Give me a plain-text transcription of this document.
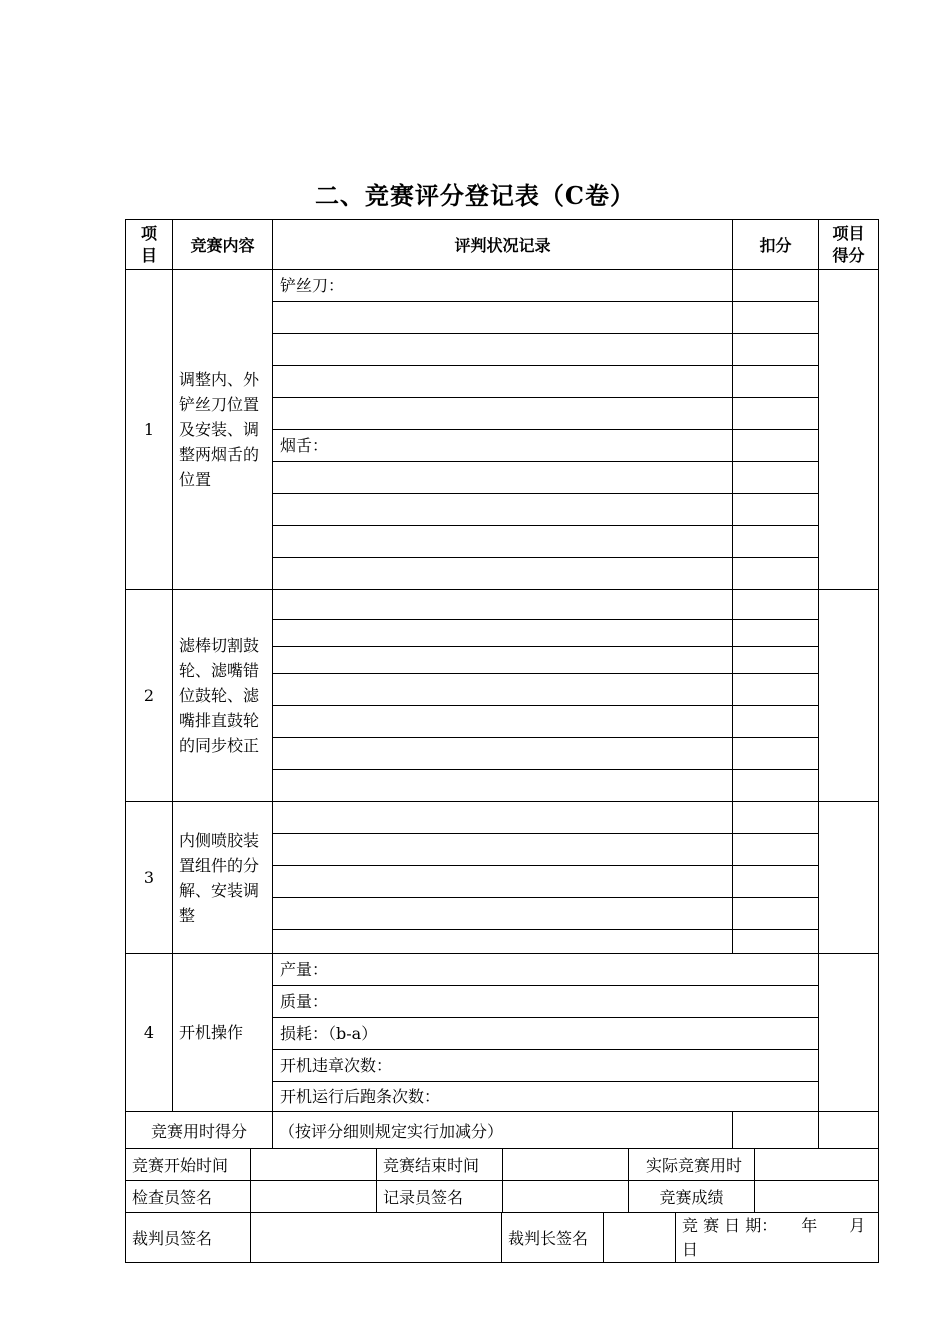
二、竞赛评分登记表（C卷）
项目	竞赛内容	评判状况记录	扣分	项目得分
1	调整内、外铲丝刀位置及安装、调整两烟舌的位置	铲丝刀：		

		烟舌：		

2	滤棒切割鼓轮、滤嘴错位鼓轮、滤嘴排直鼓轮的同步校正			

3	内侧喷胶装置组件的分解、安装调整			

4	开机操作	产量：		
		质量：		
		损耗：（b-a）		
		开机违章次数：		
		开机运行后跑条次数：		
竞赛用时得分		（按评分细则规定实行加减分）		
竞赛开始时间		竞赛结束时间		实际竞赛用时	
检查员签名		记录员签名		竞赛成绩	
裁判员签名		裁判长签名		竞 赛 日 期：　　年　　月日
